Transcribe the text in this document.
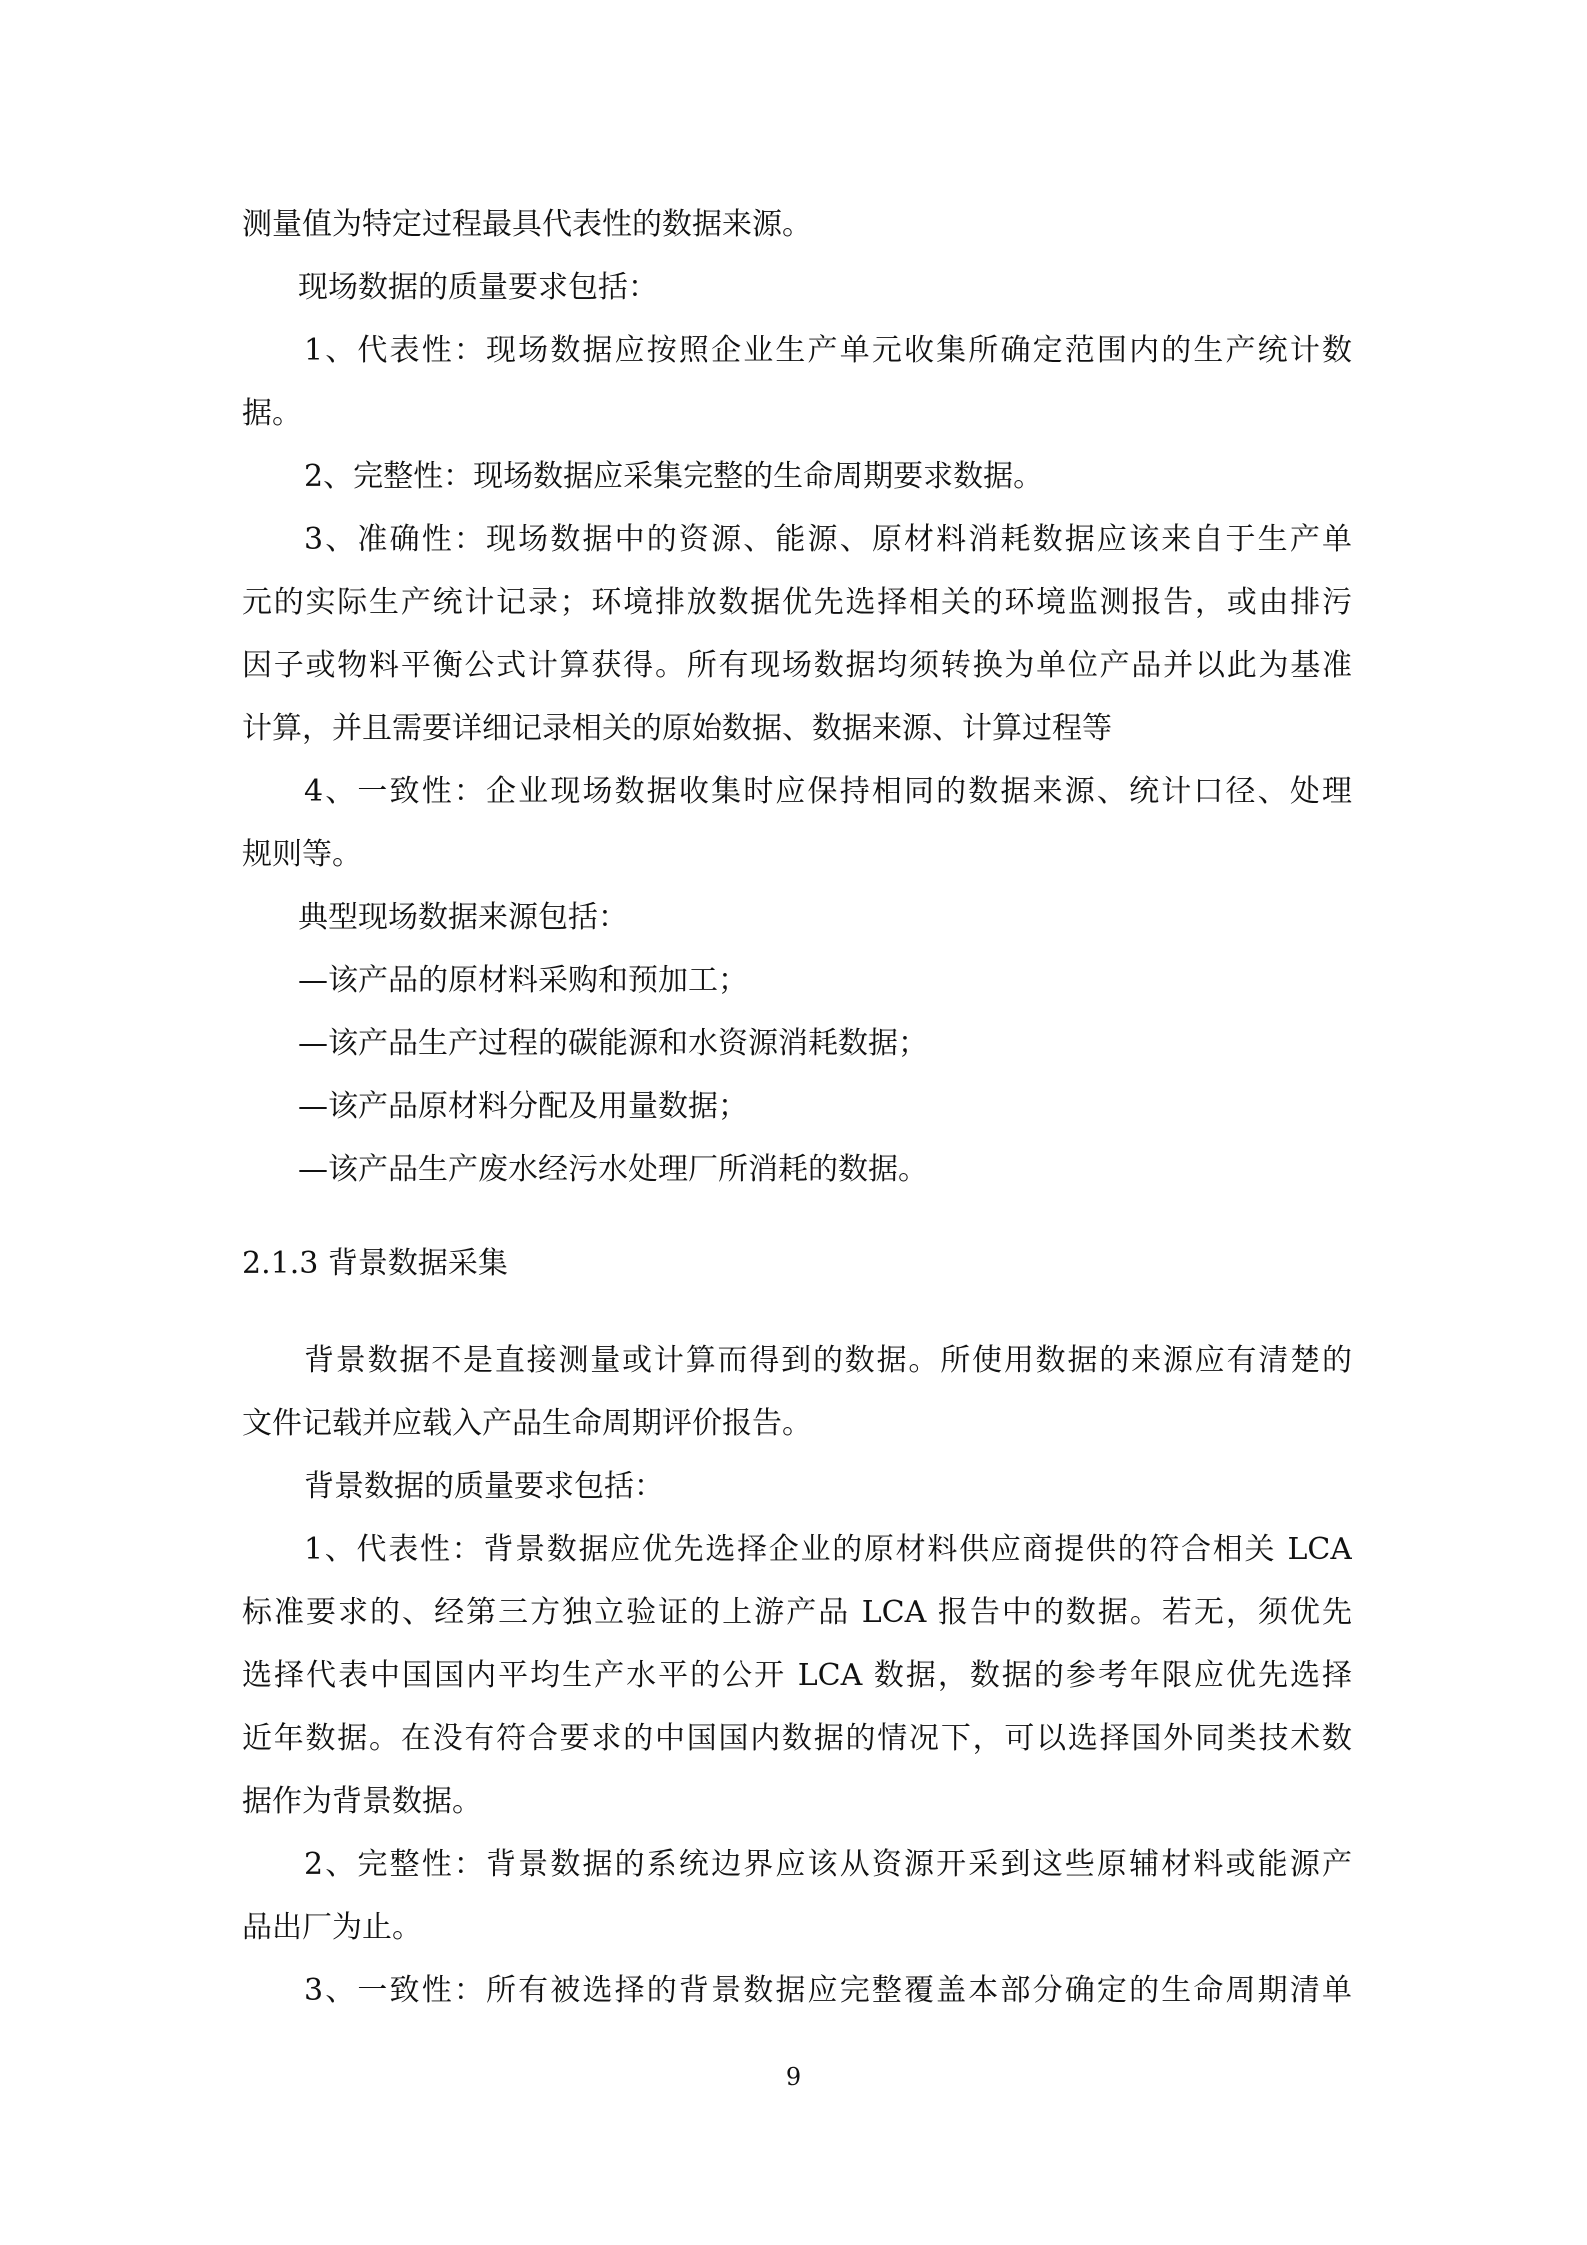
测量值为特定过程最具代表性的数据来源。

现场数据的质量要求包括：

1、代表性：现场数据应按照企业生产单元收集所确定范围内的生产统计数

据。

2、完整性：现场数据应采集完整的生命周期要求数据。

3、准确性：现场数据中的资源、能源、原材料消耗数据应该来自于生产单

元的实际生产统计记录；环境排放数据优先选择相关的环境监测报告，或由排污

因子或物料平衡公式计算获得。所有现场数据均须转换为单位产品并以此为基准

计算，并且需要详细记录相关的原始数据、数据来源、计算过程等

4、一致性：企业现场数据收集时应保持相同的数据来源、统计口径、处理

规则等。

典型现场数据来源包括：

—该产品的原材料采购和预加工；

—该产品生产过程的碳能源和水资源消耗数据；

—该产品原材料分配及用量数据；

—该产品生产废水经污水处理厂所消耗的数据。

2.1.3 背景数据采集

背景数据不是直接测量或计算而得到的数据。所使用数据的来源应有清楚的

文件记载并应载入产品生命周期评价报告。

背景数据的质量要求包括：

1、代表性：背景数据应优先选择企业的原材料供应商提供的符合相关 LCA

标准要求的、经第三方独立验证的上游产品 LCA 报告中的数据。若无，须优先

选择代表中国国内平均生产水平的公开 LCA 数据，数据的参考年限应优先选择

近年数据。在没有符合要求的中国国内数据的情况下，可以选择国外同类技术数

据作为背景数据。

2、完整性：背景数据的系统边界应该从资源开采到这些原辅材料或能源产

品出厂为止。

3、一致性：所有被选择的背景数据应完整覆盖本部分确定的生命周期清单

9
